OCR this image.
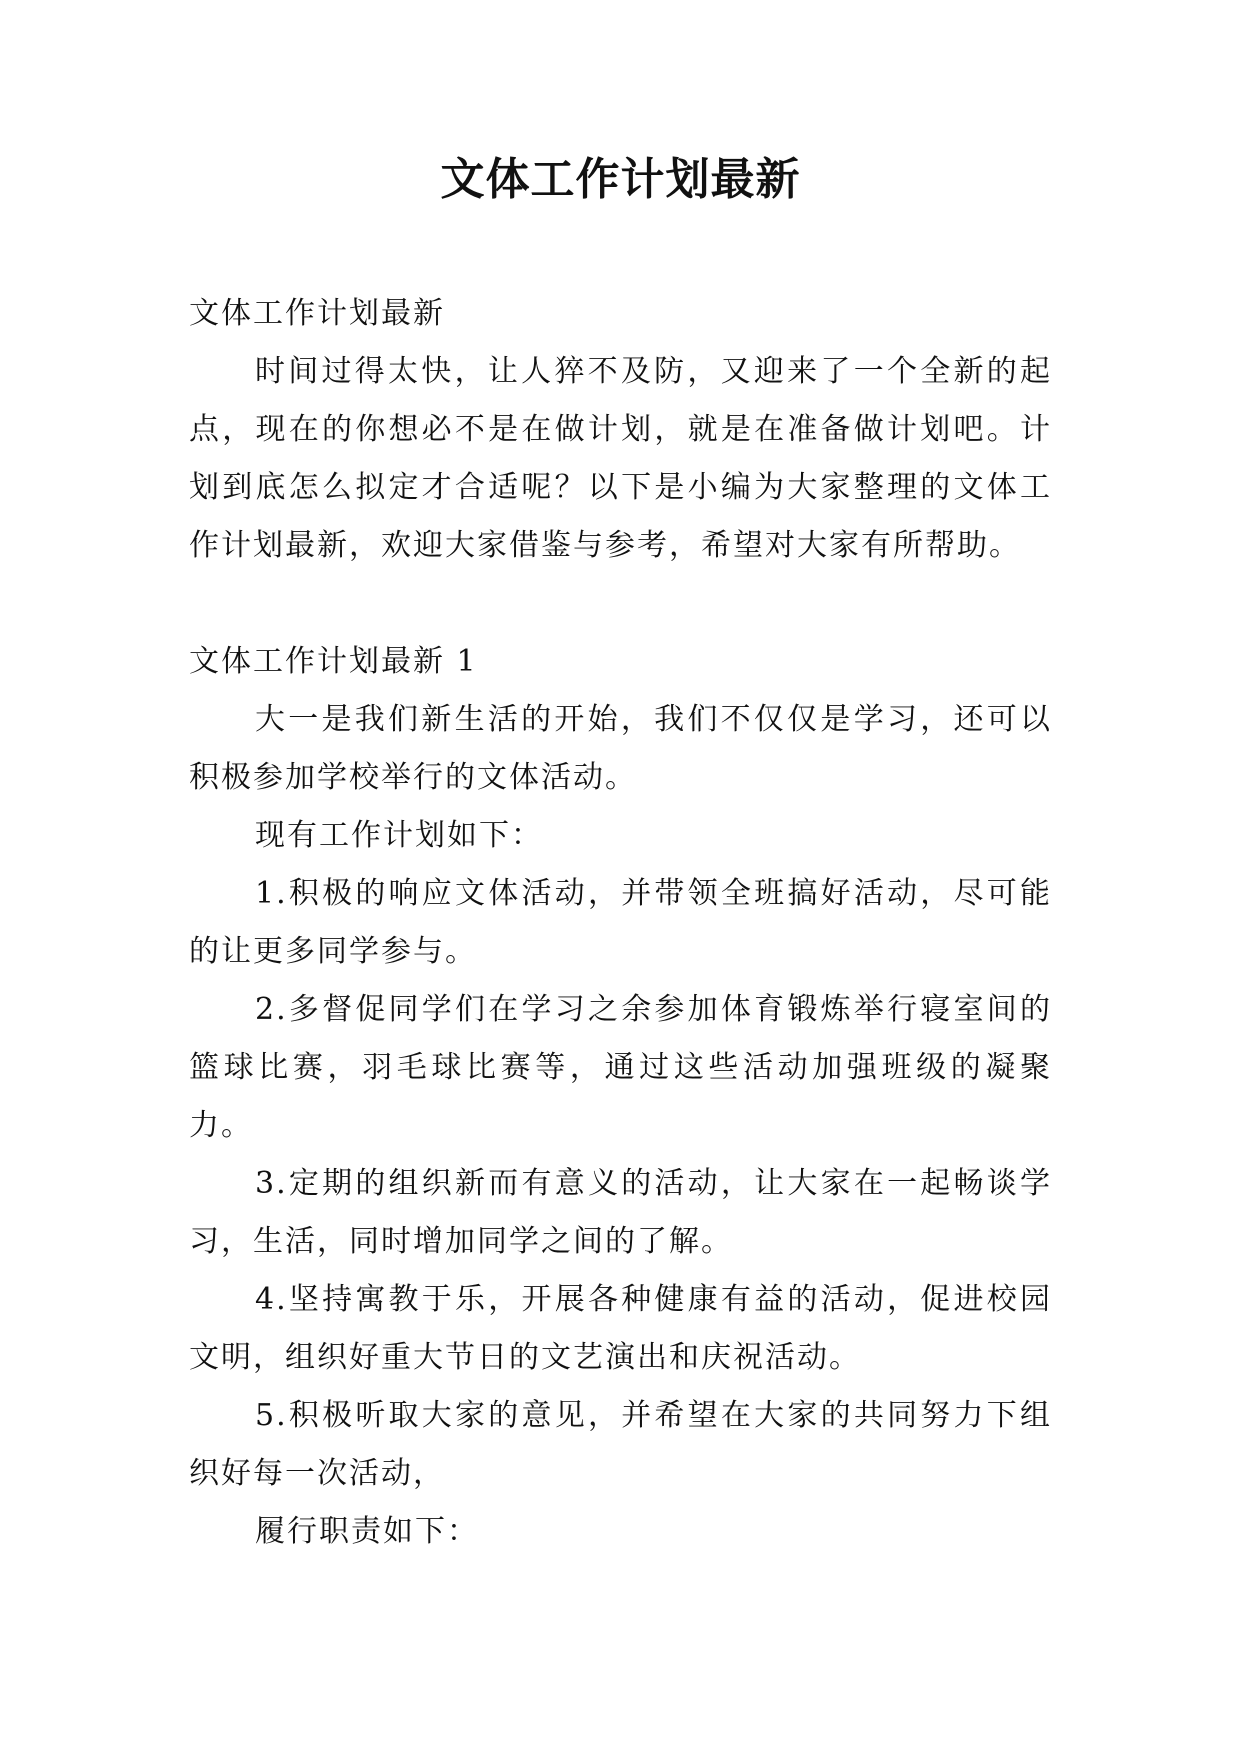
文体工作计划最新

文体工作计划最新

时间过得太快，让人猝不及防，又迎来了一个全新的起点，现在的你想必不是在做计划，就是在准备做计划吧。计划到底怎么拟定才合适呢？以下是小编为大家整理的文体工作计划最新，欢迎大家借鉴与参考，希望对大家有所帮助。

文体工作计划最新 1

大一是我们新生活的开始，我们不仅仅是学习，还可以积极参加学校举行的文体活动。

现有工作计划如下：

1.积极的响应文体活动，并带领全班搞好活动，尽可能的让更多同学参与。

2.多督促同学们在学习之余参加体育锻炼举行寝室间的篮球比赛，羽毛球比赛等，通过这些活动加强班级的凝聚力。

3.定期的组织新而有意义的活动，让大家在一起畅谈学习，生活，同时增加同学之间的了解。

4.坚持寓教于乐，开展各种健康有益的活动，促进校园文明，组织好重大节日的文艺演出和庆祝活动。

5.积极听取大家的意见，并希望在大家的共同努力下组织好每一次活动，

履行职责如下：
